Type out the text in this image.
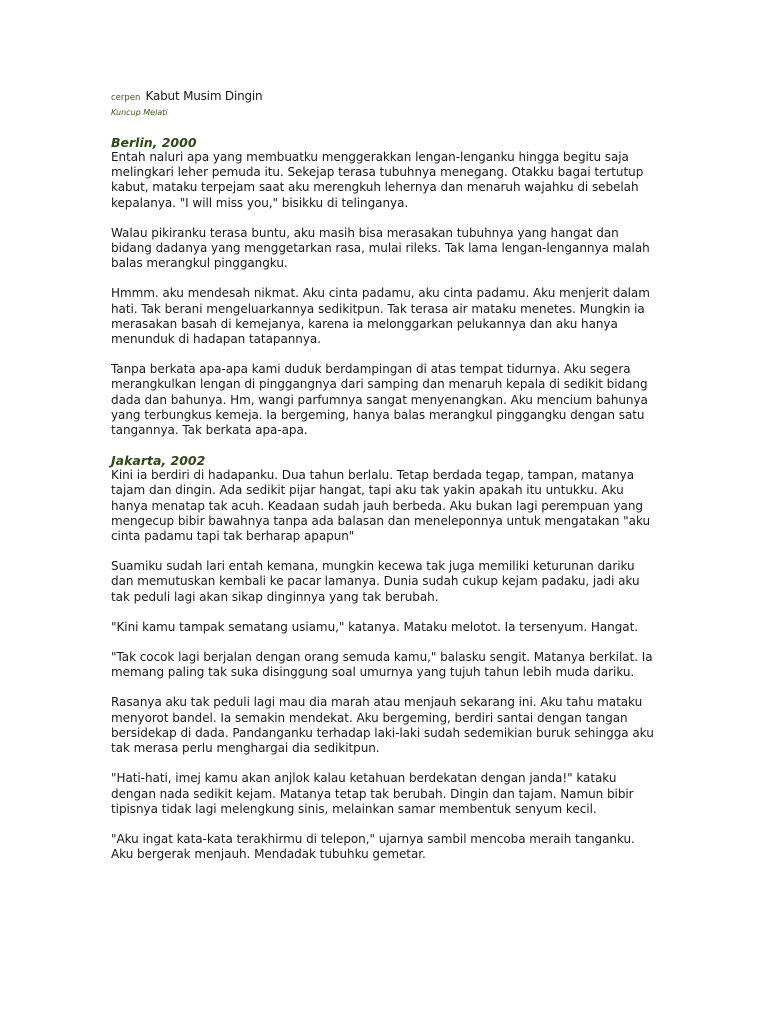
cerpen Kabut Musim Dingin
Kuncup Melati
Berlin, 2000

Entah naluri apa yang membuatku menggerakkan lengan-lenganku hingga begitu saja melingkari leher pemuda itu. Sekejap terasa tubuhnya menegang. Otakku bagai tertutup kabut, mataku terpejam saat aku merengkuh lehernya dan menaruh wajahku di sebelah kepalanya. "I will miss you," bisikku di telinganya.

Walau pikiranku terasa buntu, aku masih bisa merasakan tubuhnya yang hangat dan bidang dadanya yang menggetarkan rasa, mulai rileks. Tak lama lengan-lengannya malah balas merangkul pinggangku.

Hmmm. aku mendesah nikmat. Aku cinta padamu, aku cinta padamu. Aku menjerit dalam hati. Tak berani mengeluarkannya sedikitpun. Tak terasa air mataku menetes. Mungkin ia merasakan basah di kemejanya, karena ia melonggarkan pelukannya dan aku hanya menunduk di hadapan tatapannya.

Tanpa berkata apa-apa kami duduk berdampingan di atas tempat tidurnya. Aku segera merangkulkan lengan di pinggangnya dari samping dan menaruh kepala di sedikit bidang dada dan bahunya. Hm, wangi parfumnya sangat menyenangkan. Aku mencium bahunya yang terbungkus kemeja. Ia bergeming, hanya balas merangkul pinggangku dengan satu tangannya. Tak berkata apa-apa.

Jakarta, 2002

Kini ia berdiri di hadapanku. Dua tahun berlalu. Tetap berdada tegap, tampan, matanya tajam dan dingin. Ada sedikit pijar hangat, tapi aku tak yakin apakah itu untukku. Aku hanya menatap tak acuh. Keadaan sudah jauh berbeda. Aku bukan lagi perempuan yang mengecup bibir bawahnya tanpa ada balasan dan meneleponnya untuk mengatakan "aku cinta padamu tapi tak berharap apapun"

Suamiku sudah lari entah kemana, mungkin kecewa tak juga memiliki keturunan dariku dan memutuskan kembali ke pacar lamanya. Dunia sudah cukup kejam padaku, jadi aku tak peduli lagi akan sikap dinginnya yang tak berubah.

"Kini kamu tampak sematang usiamu," katanya. Mataku melotot. Ia tersenyum. Hangat.

"Tak cocok lagi berjalan dengan orang semuda kamu," balasku sengit. Matanya berkilat. Ia memang paling tak suka disinggung soal umurnya yang tujuh tahun lebih muda dariku.

Rasanya aku tak peduli lagi mau dia marah atau menjauh sekarang ini. Aku tahu mataku menyorot bandel. Ia semakin mendekat. Aku bergeming, berdiri santai dengan tangan bersidekap di dada. Pandanganku terhadap laki-laki sudah sedemikian buruk sehingga aku tak merasa perlu menghargai dia sedikitpun.

"Hati-hati, imej kamu akan anjlok kalau ketahuan berdekatan dengan janda!" kataku dengan nada sedikit kejam. Matanya tetap tak berubah. Dingin dan tajam. Namun bibir tipisnya tidak lagi melengkung sinis, melainkan samar membentuk senyum kecil.

"Aku ingat kata-kata terakhirmu di telepon," ujarnya sambil mencoba meraih tanganku. Aku bergerak menjauh. Mendadak tubuhku gemetar.
